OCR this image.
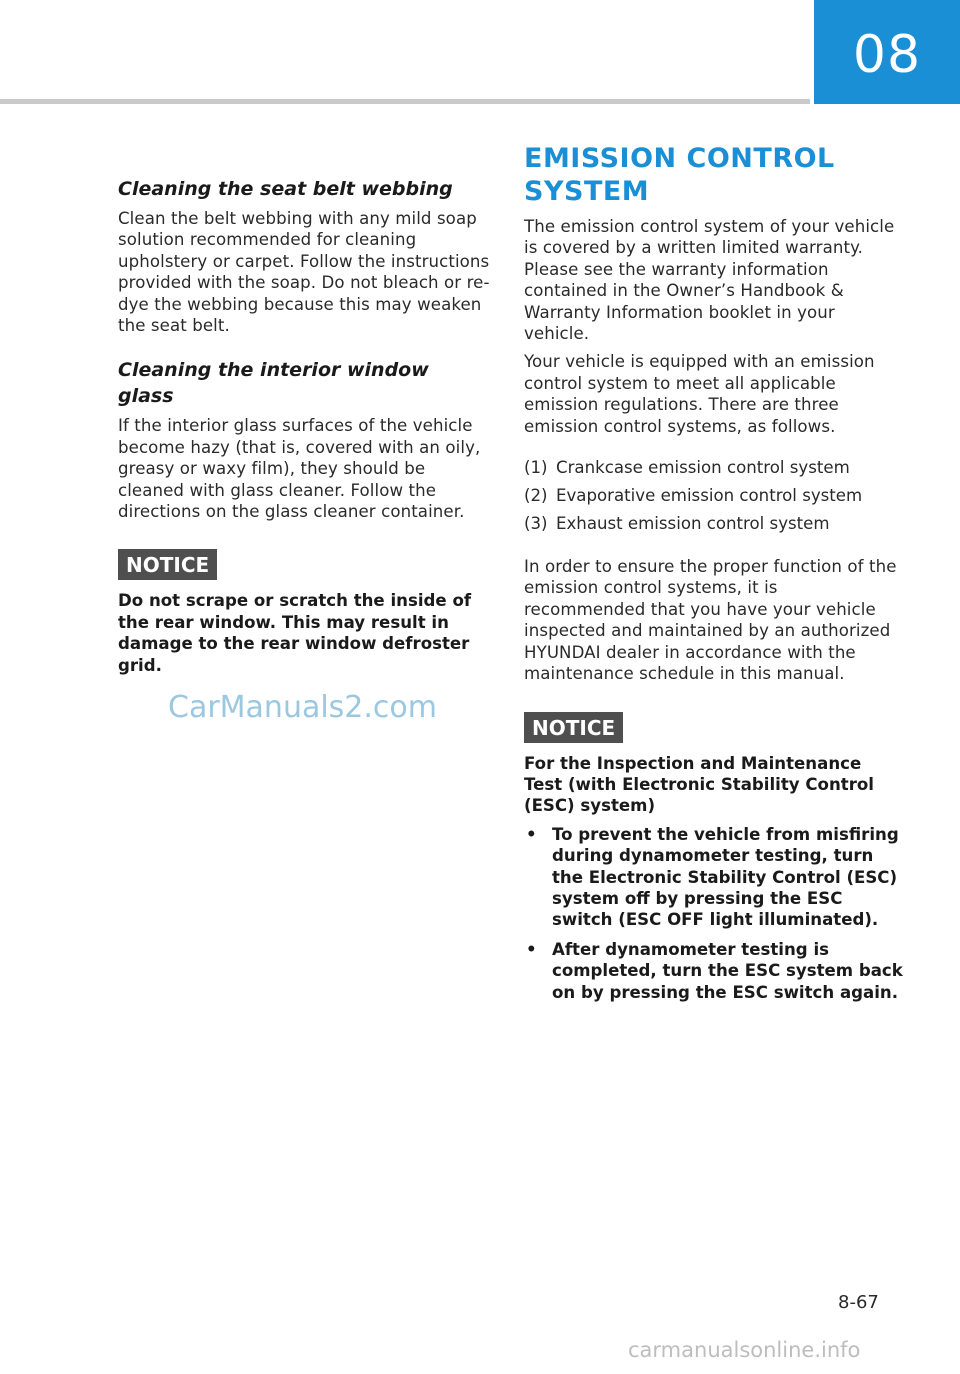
08
Cleaning the seat belt webbing

Clean the belt webbing with any mild soap solution recommended for cleaning upholstery or carpet. Follow the instructions provided with the soap. Do not bleach or re-dye the webbing because this may weaken the seat belt.

Cleaning the interior window glass

If the interior glass surfaces of the vehicle become hazy (that is, covered with an oily, greasy or waxy film), they should be cleaned with glass cleaner. Follow the directions on the glass cleaner container.

NOTICE

Do not scrape or scratch the inside of the rear window. This may result in damage to the rear window defroster grid.

CarManuals2.com
EMISSION CONTROL SYSTEM

The emission control system of your vehicle is covered by a written limited warranty. Please see the warranty information contained in the Owner’s Handbook & Warranty Information booklet in your vehicle.

Your vehicle is equipped with an emission control system to meet all applicable emission regulations. There are three emission control systems, as follows.

(1) Crankcase emission control system
(2) Evaporative emission control system
(3) Exhaust emission control system

In order to ensure the proper function of the emission control systems, it is recommended that you have your vehicle inspected and maintained by an authorized HYUNDAI dealer in accordance with the maintenance schedule in this manual.

NOTICE

For the Inspection and Maintenance Test (with Electronic Stability Control (ESC) system)

• To prevent the vehicle from misfiring during dynamometer testing, turn the Electronic Stability Control (ESC) system off by pressing the ESC switch (ESC OFF light illuminated).
• After dynamometer testing is completed, turn the ESC system back on by pressing the ESC switch again.
8-67
carmanualsonline.info
